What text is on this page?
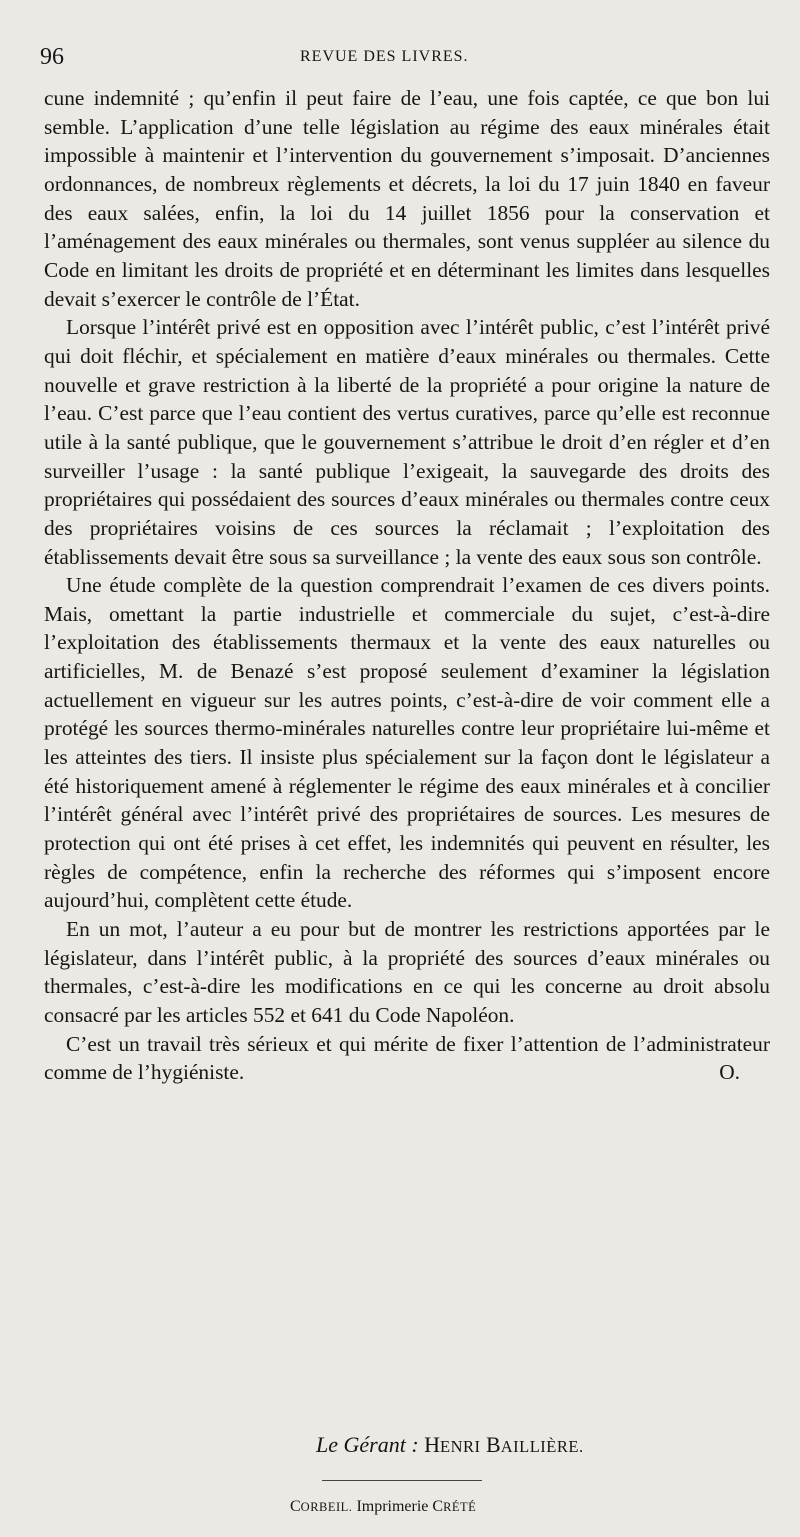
96	REVUE DES LIVRES.

cune indemnité ; qu’enfin il peut faire de l’eau, une fois captée, ce que bon lui semble. L’application d’une telle législation au régime des eaux minérales était impossible à maintenir et l’intervention du gouvernement s’imposait. D’anciennes ordonnances, de nombreux règlements et décrets, la loi du 17 juin 1840 en faveur des eaux salées, enfin, la loi du 14 juillet 1856 pour la conservation et l’aménagement des eaux minérales ou thermales, sont venus suppléer au silence du Code en limitant les droits de propriété et en déterminant les limites dans lesquelles devait s’exercer le contrôle de l’État.

Lorsque l’intérêt privé est en opposition avec l’intérêt public, c’est l’intérêt privé qui doit fléchir, et spécialement en matière d’eaux minérales ou thermales. Cette nouvelle et grave restriction à la liberté de la propriété a pour origine la nature de l’eau. C’est parce que l’eau contient des vertus curatives, parce qu’elle est reconnue utile à la santé publique, que le gouvernement s’attribue le droit d’en régler et d’en surveiller l’usage : la santé publique l’exigeait, la sauvegarde des droits des propriétaires qui possédaient des sources d’eaux minérales ou thermales contre ceux des propriétaires voisins de ces sources la réclamait ; l’exploitation des établissements devait être sous sa surveillance ; la vente des eaux sous son contrôle.

Une étude complète de la question comprendrait l’examen de ces divers points. Mais, omettant la partie industrielle et commerciale du sujet, c’est-à-dire l’exploitation des établissements thermaux et la vente des eaux naturelles ou artificielles, M. de Benazé s’est proposé seulement d’examiner la législation actuellement en vigueur sur les autres points, c’est-à-dire de voir comment elle a protégé les sources thermo-minérales naturelles contre leur propriétaire lui-même et les atteintes des tiers. Il insiste plus spécialement sur la façon dont le législateur a été historiquement amené à réglementer le régime des eaux minérales et à concilier l’intérêt général avec l’intérêt privé des propriétaires de sources. Les mesures de protection qui ont été prises à cet effet, les indemnités qui peuvent en résulter, les règles de compétence, enfin la recherche des réformes qui s’imposent encore aujourd’hui, complètent cette étude.

En un mot, l’auteur a eu pour but de montrer les restrictions apportées par le législateur, dans l’intérêt public, à la propriété des sources d’eaux minérales ou thermales, c’est-à-dire les modifications en ce qui les concerne au droit absolu consacré par les articles 552 et 641 du Code Napoléon.

C’est un travail très sérieux et qui mérite de fixer l’attention de l’administrateur comme de l’hygiéniste.	O.

Le Gérant : HENRI BAILLIÈRE.
CORBEIL. Imprimerie CRÉTÉ
